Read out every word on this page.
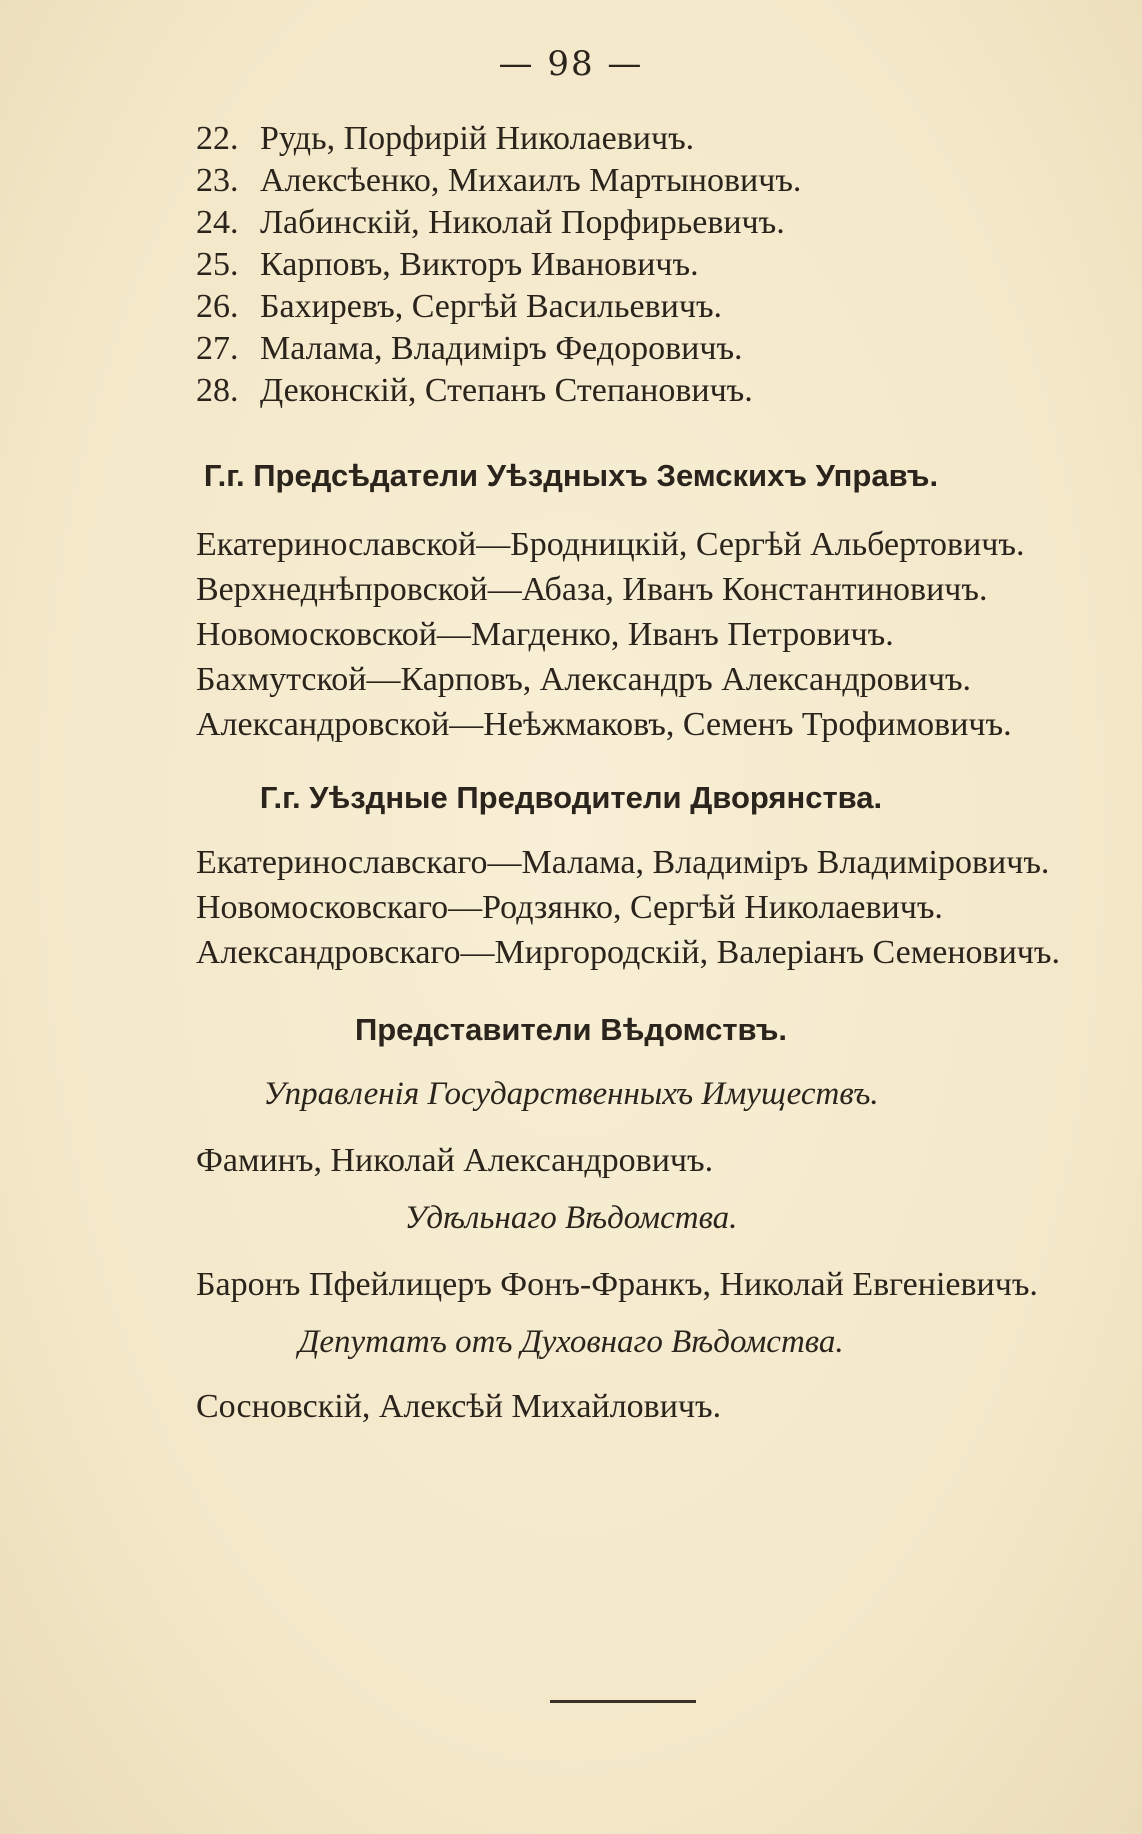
— 98 —
22. Рудь, Порфирій Николаевичъ.
23. Алексѣенко, Михаилъ Мартыновичъ.
24. Лабинскій, Николай Порфирьевичъ.
25. Карповъ, Викторъ Ивановичъ.
26. Бахиревъ, Сергѣй Васильевичъ.
27. Малама, Владиміръ Федоровичъ.
28. Деконскій, Степанъ Степановичъ.
Г.г. Предсѣдатели Уѣздныхъ Земскихъ Управъ.
Екатеринославской—Бродницкій, Сергѣй Альбертовичъ.
Верхнеднѣпровской—Абаза, Иванъ Константиновичъ.
Новомосковской—Магденко, Иванъ Петровичъ.
Бахмутской—Карповъ, Александръ Александровичъ.
Александровской—Неѣжмаковъ, Семенъ Трофимовичъ.
Г.г. Уѣздные Предводители Дворянства.
Екатеринославскаго—Малама, Владиміръ Владиміровичъ.
Новомосковскаго—Родзянко, Сергѣй Николаевичъ.
Александровскаго—Миргородскій, Валеріанъ Семеновичъ.
Представители Вѣдомствъ.
Управленія Государственныхъ Имуществъ.
Фаминъ, Николай Александровичъ.
Удѣльнаго Вѣдомства.
Баронъ Пфейлицеръ Фонъ-Франкъ, Николай Евгеніевичъ.
Депутатъ отъ Духовнаго Вѣдомства.
Сосновскій, Алексѣй Михайловичъ.
